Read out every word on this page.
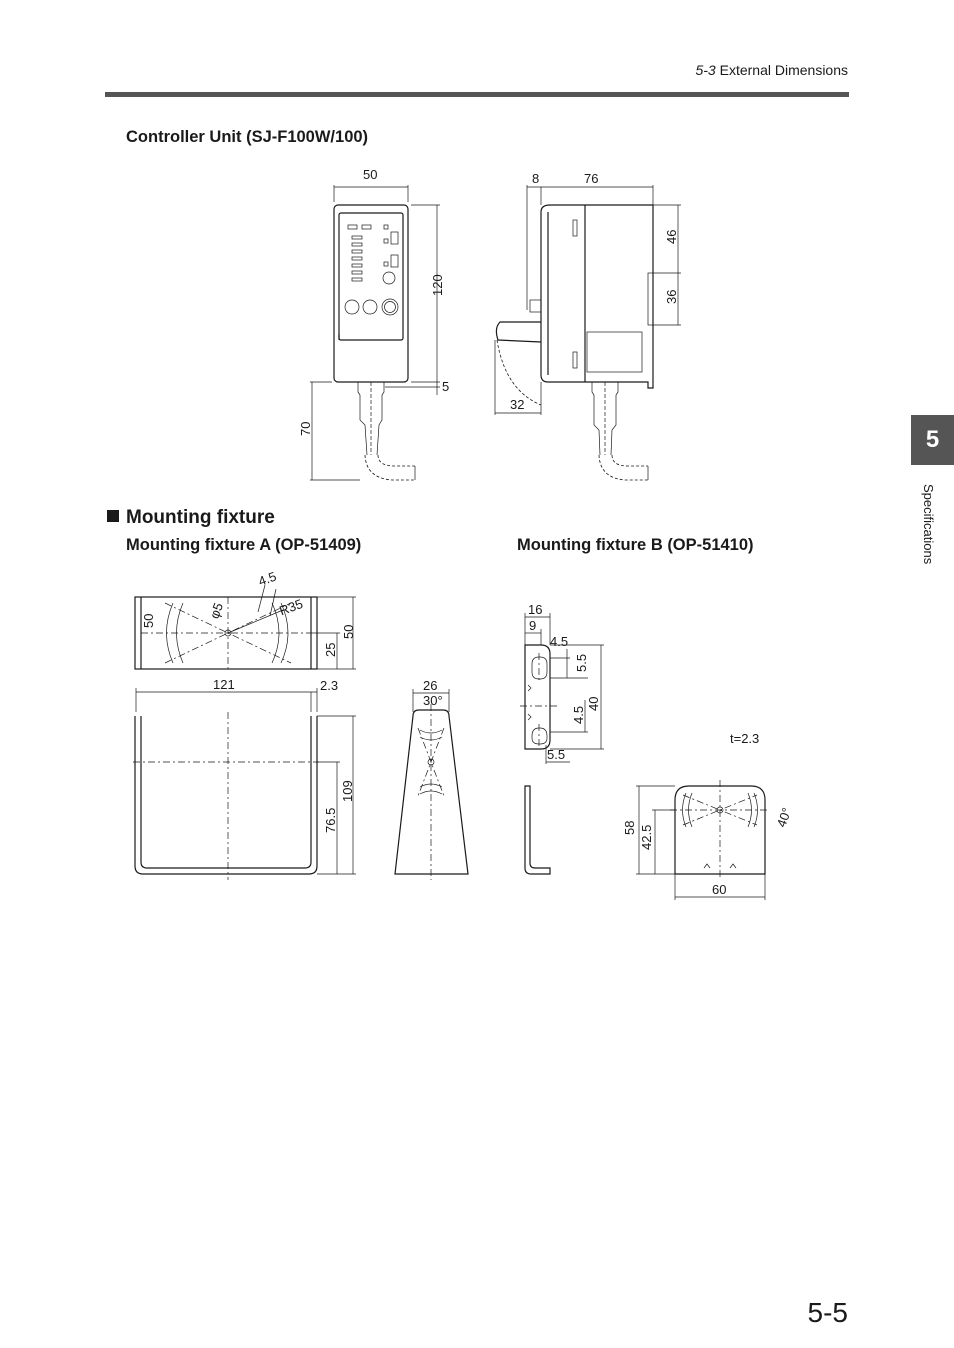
5-3 External Dimensions
Controller Unit (SJ-F100W/100)
Mounting fixture
Mounting fixture A (OP-51409)	Mounting fixture B (OP-51410)
5
Specifications
5-5
50
120
5
70
8	76
46
36
32
4.5
φ5	R35
50
25
50
121	2.3
76.5
109
26
30°
16
9
4.5
5.5
40
4.5
5.5
t=2.3
40°
58 42.5
60
